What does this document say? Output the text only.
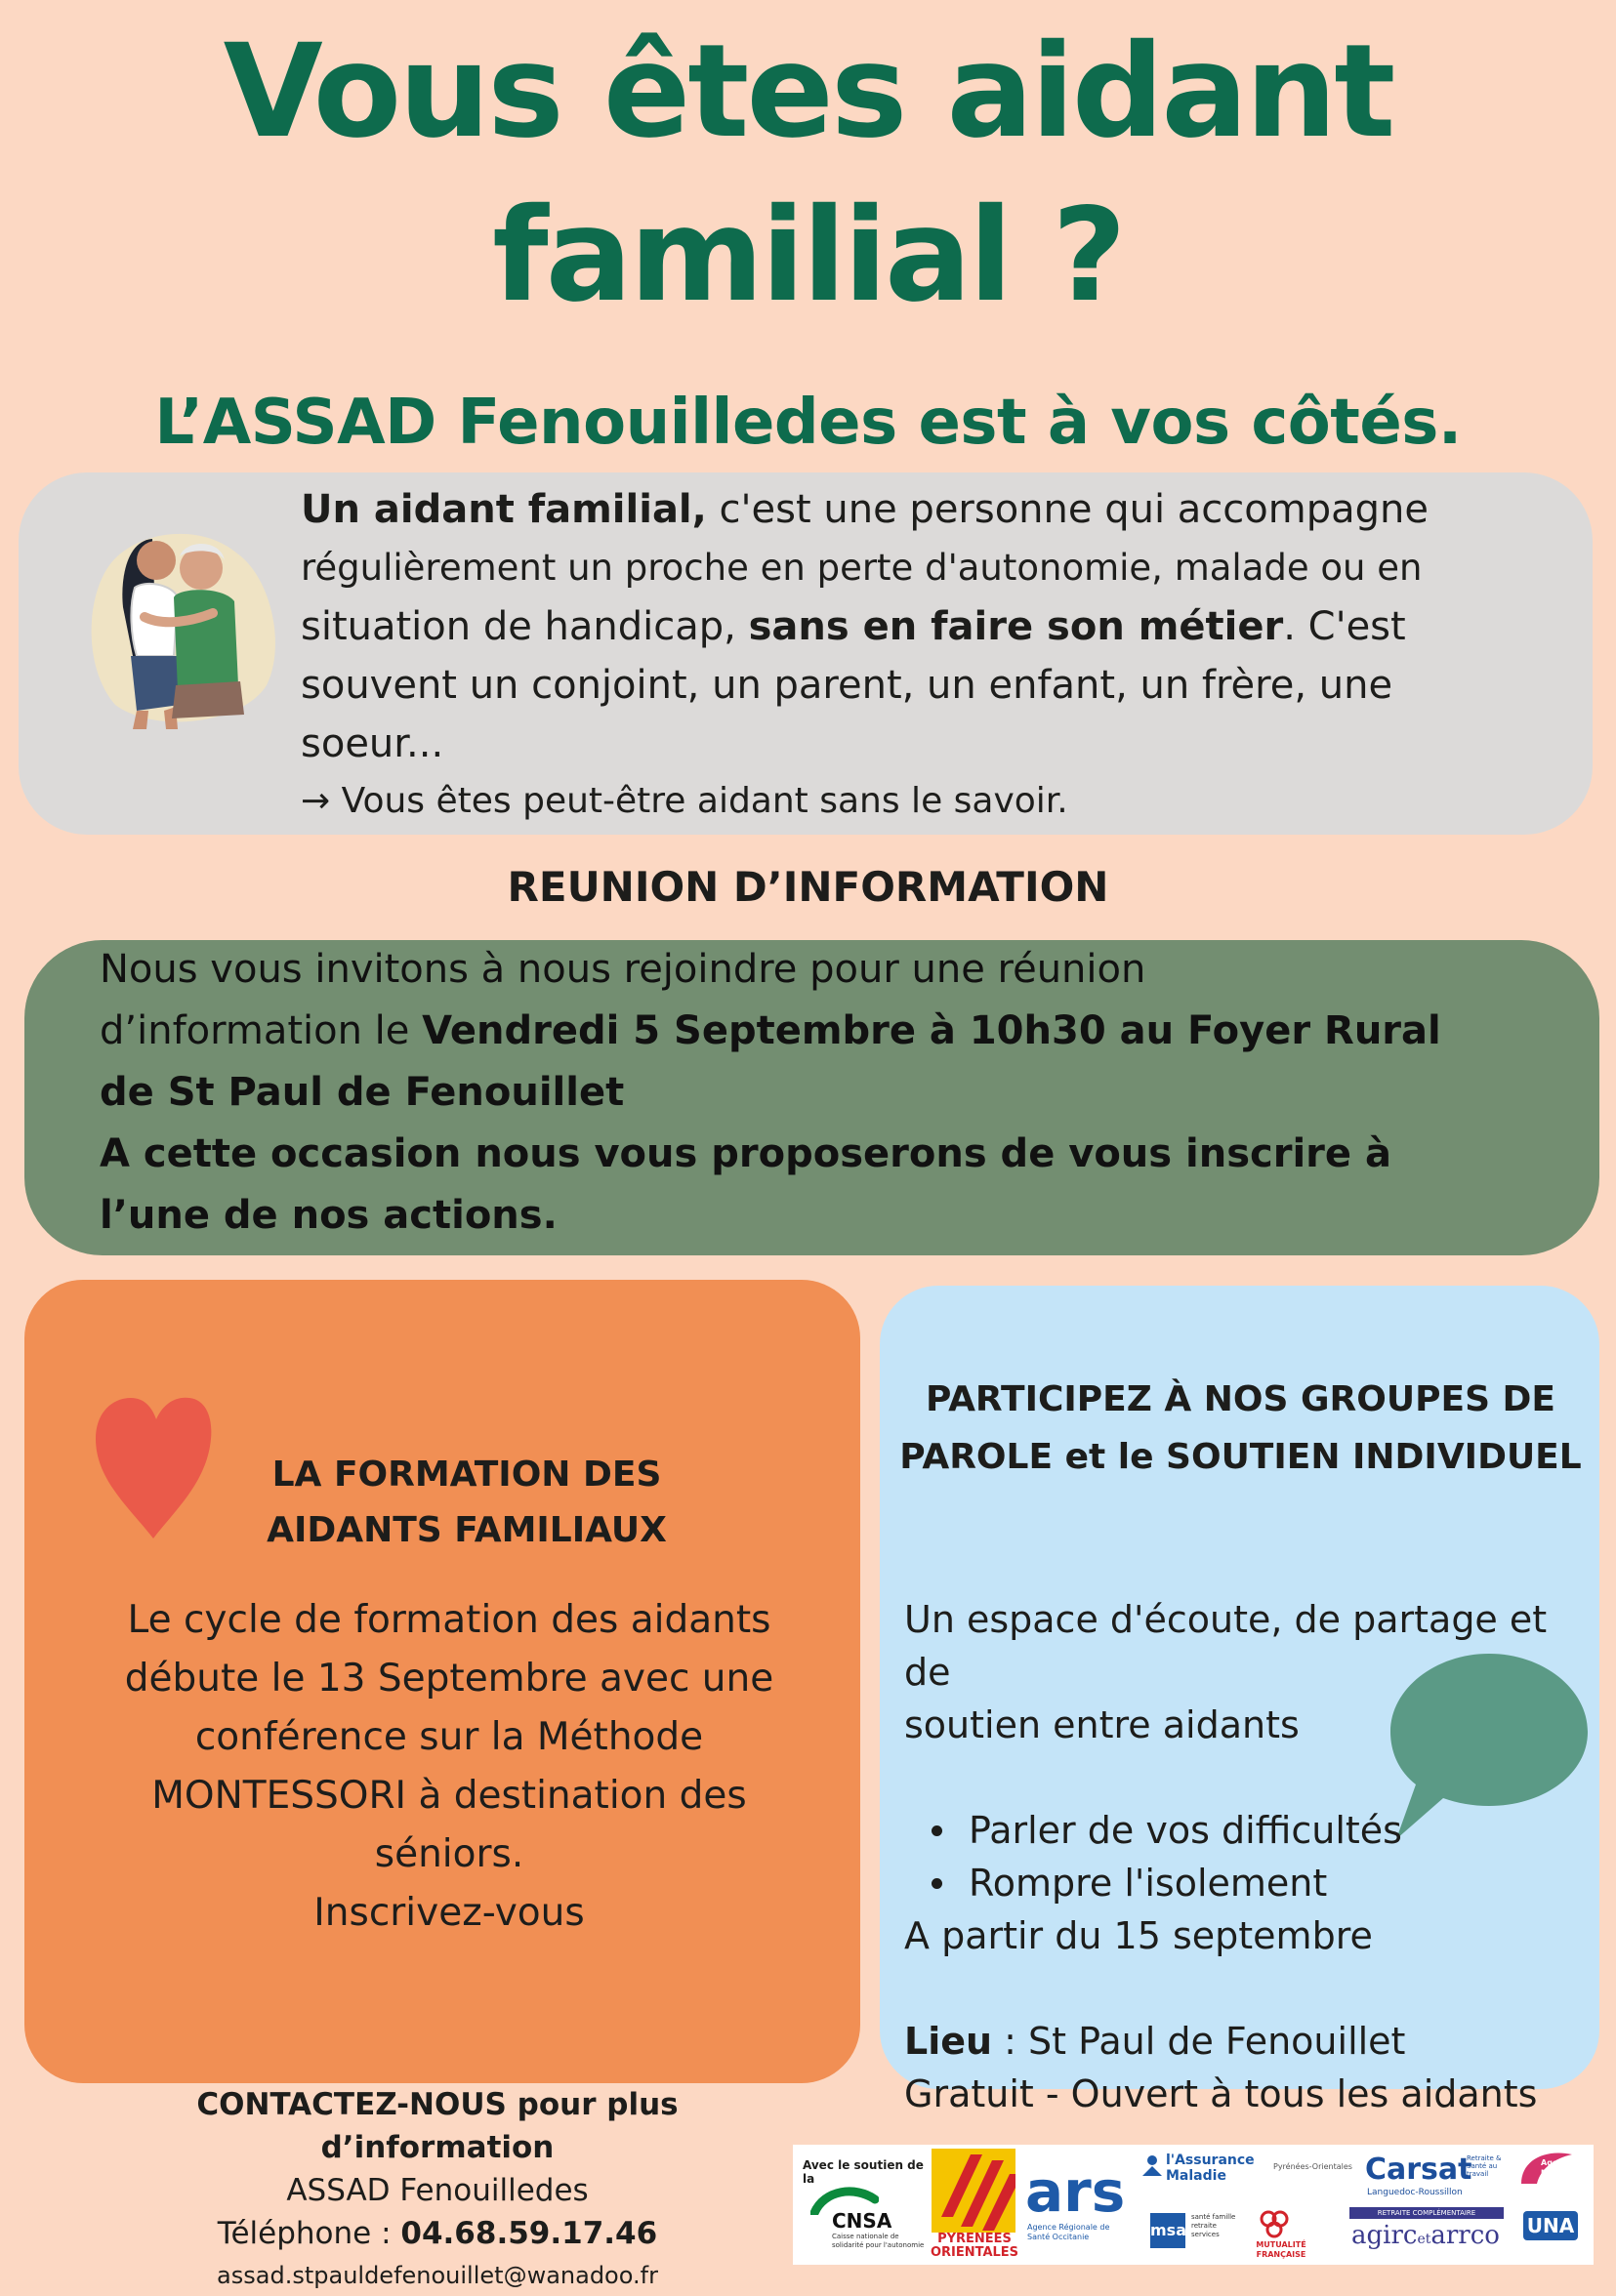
Vous êtes aidant
familial ?
L’ASSAD Fenouilledes est à vos côtés.
Un aidant familial, c'est une personne qui accompagne
régulièrement un proche en perte d'autonomie, malade ou en
situation de handicap, sans en faire son métier. C'est
souvent un conjoint, un parent, un enfant, un frère, une
soeur...
→ Vous êtes peut-être aidant sans le savoir.
REUNION D’INFORMATION
Nous vous invitons à nous rejoindre pour une réunion
d’information le Vendredi 5 Septembre à 10h30 au Foyer Rural
de St Paul de Fenouillet
A cette occasion nous vous proposerons de vous inscrire à
l’une de nos actions.
LA FORMATION DES
AIDANTS FAMILIAUX
Le cycle de formation des aidants
débute le 13 Septembre avec une
conférence sur la Méthode
MONTESSORI à destination des
séniors.
Inscrivez-vous
PARTICIPEZ À NOS GROUPES DE
PAROLE et le SOUTIEN INDIVIDUEL
Un espace d'écoute, de partage et de
soutien entre aidants
Parler de vos difficultés
Rompre l'isolement
A partir du 15 septembre
Lieu : St Paul de Fenouillet
Gratuit - Ouvert à tous les aidants
CONTACTEZ-NOUS pour plus
d’information
ASSAD Fenouilledes
Téléphone : 04.68.59.17.46
assad.stpauldefenouillet@wanadoo.fr
Avec le soutien de la
CNSA
Caisse nationale de solidarité pour l'autonomie	PYRENEES
ORIENTALES
ars
Agence Régionale de Santé Occitanie
l'Assurance
Maladie
Pyrénées-Orientales
msa
santé famille retraite services
MUTUALITÉ FRANÇAISE
Carsat
Retraite & Santé au travail
Languedoc-Roussillon
RETRAITE COMPLÉMENTAIRE
agircetarrco
Agence
nationale
de l'habitat
UNA
